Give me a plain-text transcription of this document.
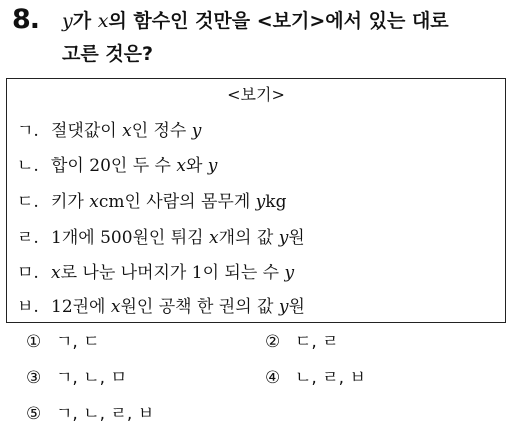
8. y가 x의 함수인 것만을 <보기>에서 있는 대로
고른 것은?
<보기>
ㄱ. 절댓값이 x인 정수 y
ㄴ. 합이 20인 두 수 x와 y
ㄷ. 키가 xcm인 사람의 몸무게 ykg
ㄹ. 1개에 500원인 튀김 x개의 값 y원
ㅁ. x로 나눈 나머지가 1이 되는 수 y
ㅂ. 12권에 x원인 공책 한 권의 값 y원
① ㄱ, ㄷ	② ㄷ, ㄹ
③ ㄱ, ㄴ, ㅁ	④ ㄴ, ㄹ, ㅂ
⑤ ㄱ, ㄴ, ㄹ, ㅂ
